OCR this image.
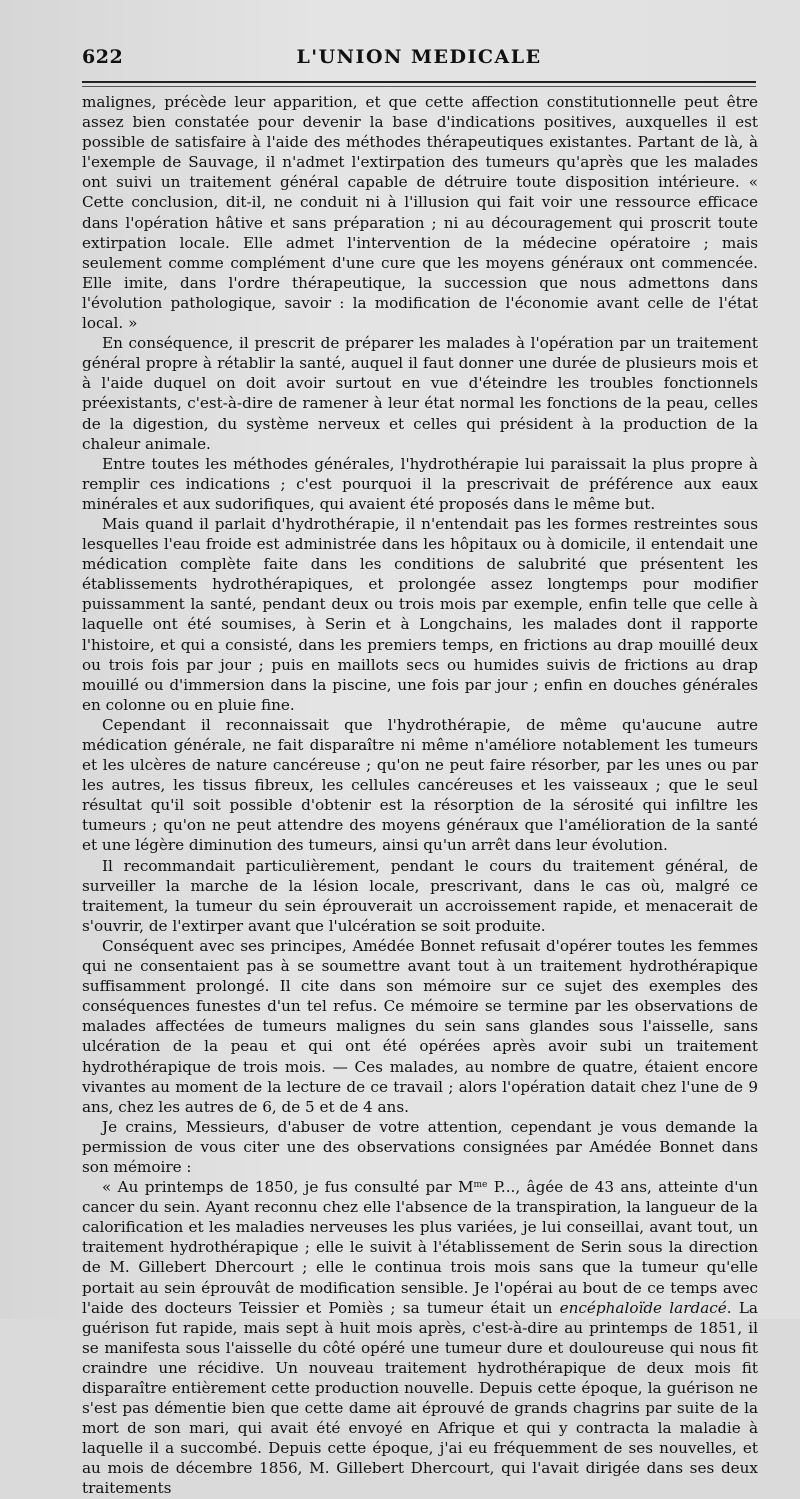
622	L'UNION MEDICALE

malignes, précède leur apparition, et que cette affection constitutionnelle peut être assez bien constatée pour devenir la base d'indications positives, auxquelles il est possible de satisfaire à l'aide des méthodes thérapeutiques existantes. Partant de là, à l'exemple de Sauvage, il n'admet l'extirpation des tumeurs qu'après que les malades ont suivi un traitement général capable de détruire toute disposition intérieure. « Cette conclusion, dit-il, ne conduit ni à l'illusion qui fait voir une ressource efficace dans l'opération hâtive et sans préparation ; ni au découragement qui proscrit toute extirpation locale. Elle admet l'intervention de la médecine opératoire ; mais seulement comme complément d'une cure que les moyens généraux ont commencée. Elle imite, dans l'ordre thérapeutique, la succession que nous admettons dans l'évolution pathologique, savoir : la modification de l'économie avant celle de l'état local. »

En conséquence, il prescrit de préparer les malades à l'opération par un traitement général propre à rétablir la santé, auquel il faut donner une durée de plusieurs mois et à l'aide duquel on doit avoir surtout en vue d'éteindre les troubles fonctionnels préexistants, c'est-à-dire de ramener à leur état normal les fonctions de la peau, celles de la digestion, du système nerveux et celles qui président à la production de la chaleur animale.

Entre toutes les méthodes générales, l'hydrothérapie lui paraissait la plus propre à remplir ces indications ; c'est pourquoi il la prescrivait de préférence aux eaux minérales et aux sudorifiques, qui avaient été proposés dans le même but.

Mais quand il parlait d'hydrothérapie, il n'entendait pas les formes restreintes sous lesquelles l'eau froide est administrée dans les hôpitaux ou à domicile, il entendait une médication complète faite dans les conditions de salubrité que présentent les établissements hydrothérapiques, et prolongée assez longtemps pour modifier puissamment la santé, pendant deux ou trois mois par exemple, enfin telle que celle à laquelle ont été soumises, à Serin et à Longchains, les malades dont il rapporte l'histoire, et qui a consisté, dans les premiers temps, en frictions au drap mouillé deux ou trois fois par jour ; puis en maillots secs ou humides suivis de frictions au drap mouillé ou d'immersion dans la piscine, une fois par jour ; enfin en douches générales en colonne ou en pluie fine.

Cependant il reconnaissait que l'hydrothérapie, de même qu'aucune autre médication générale, ne fait disparaître ni même n'améliore notablement les tumeurs et les ulcères de nature cancéreuse ; qu'on ne peut faire résorber, par les unes ou par les autres, les tissus fibreux, les cellules cancéreuses et les vaisseaux ; que le seul résultat qu'il soit possible d'obtenir est la résorption de la sérosité qui infiltre les tumeurs ; qu'on ne peut attendre des moyens généraux que l'amélioration de la santé et une légère diminution des tumeurs, ainsi qu'un arrêt dans leur évolution.

Il recommandait particulièrement, pendant le cours du traitement général, de surveiller la marche de la lésion locale, prescrivant, dans le cas où, malgré ce traitement, la tumeur du sein éprouverait un accroissement rapide, et menacerait de s'ouvrir, de l'extirper avant que l'ulcération se soit produite.

Conséquent avec ses principes, Amédée Bonnet refusait d'opérer toutes les femmes qui ne consentaient pas à se soumettre avant tout à un traitement hydrothérapique suffisamment prolongé. Il cite dans son mémoire sur ce sujet des exemples des conséquences funestes d'un tel refus. Ce mémoire se termine par les observations de malades affectées de tumeurs malignes du sein sans glandes sous l'aisselle, sans ulcération de la peau et qui ont été opérées après avoir subi un traitement hydrothérapique de trois mois. — Ces malades, au nombre de quatre, étaient encore vivantes au moment de la lecture de ce travail ; alors l'opération datait chez l'une de 9 ans, chez les autres de 6, de 5 et de 4 ans.

Je crains, Messieurs, d'abuser de votre attention, cependant je vous demande la permission de vous citer une des observations consignées par Amédée Bonnet dans son mémoire :

« Au printemps de 1850, je fus consulté par $M^{me}$ P..., âgée de 43 ans, atteinte d'un cancer du sein. Ayant reconnu chez elle l'absence de la transpiration, la langueur de la calorification et les maladies nerveuses les plus variées, je lui conseillai, avant tout, un traitement hydrothérapique ; elle le suivit à l'établissement de Serin sous la direction de M. Gillebert Dhercourt ; elle le continua trois mois sans que la tumeur qu'elle portait au sein éprouvât de modification sensible. Je l'opérai au bout de ce temps avec l'aide des docteurs Teissier et Pomiès ; sa tumeur était un encéphaloïde lardacé. La guérison fut rapide, mais sept à huit mois après, c'est-à-dire au printemps de 1851, il se manifesta sous l'aisselle du côté opéré une tumeur dure et douloureuse qui nous fit craindre une récidive. Un nouveau traitement hydrothérapique de deux mois fit disparaître entièrement cette production nouvelle. Depuis cette époque, la guérison ne s'est pas démentie bien que cette dame ait éprouvé de grands chagrins par suite de la mort de son mari, qui avait été envoyé en Afrique et qui y contracta la maladie à laquelle il a succombé. Depuis cette époque, j'ai eu fréquemment de ses nouvelles, et au mois de décembre 1856, M. Gillebert Dhercourt, qui l'avait dirigée dans ses deux traitements
